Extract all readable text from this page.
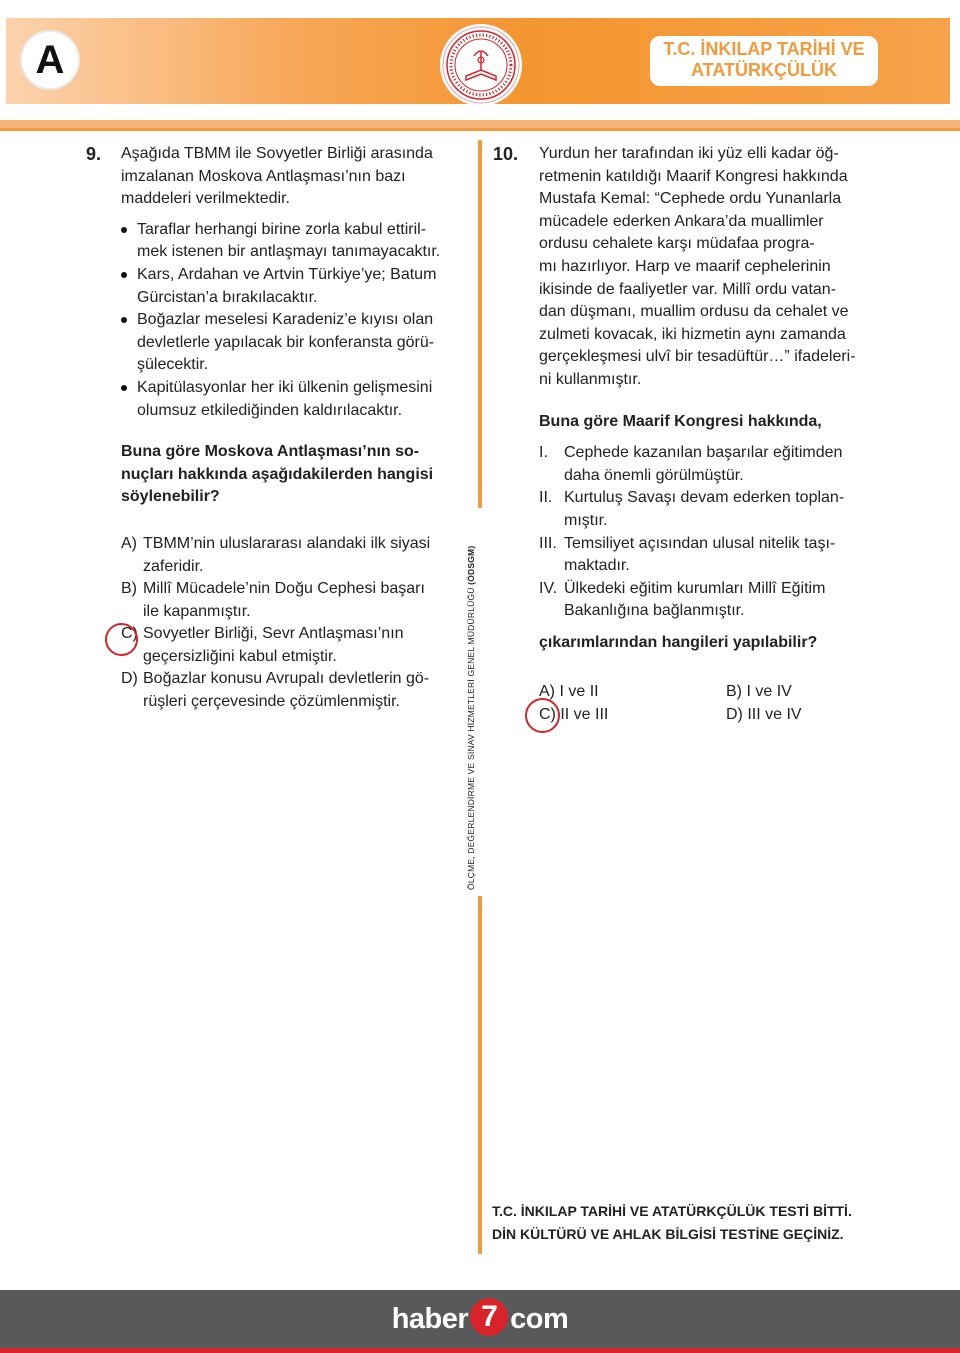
A	T.C. İNKILAP TARİHİ VE
ATATÜRKÇÜLÜK
ÖLÇME, DEĞERLENDİRME VE SINAV HİZMETLERİ GENEL MÜDÜRLÜĞÜ (ÖDSGM)
9. Aşağıda TBMM ile Sovyetler Birliği arasında
imzalanan Moskova Antlaşması’nın bazı
maddeleri verilmektedir.
Taraflar herhangi birine zorla kabul ettiril-
mek istenen bir antlaşmayı tanımayacaktır.
Kars, Ardahan ve Artvin Türkiye’ye; Batum
Gürcistan’a bırakılacaktır.
Boğazlar meselesi Karadeniz’e kıyısı olan
devletlerle yapılacak bir konferansta görü-
şülecektir.
Kapitülasyonlar her iki ülkenin gelişmesini
olumsuz etkilediğinden kaldırılacaktır.
Buna göre Moskova Antlaşması’nın so-
nuçları hakkında aşağıdakilerden hangisi
söylenebilir?
A) TBMM’nin uluslararası alandaki ilk siyasi
zaferidir.
B) Millî Mücadele’nin Doğu Cephesi başarı
ile kapanmıştır.
C) Sovyetler Birliği, Sevr Antlaşması’nın
geçersizliğini kabul etmiştir.
D) Boğazlar konusu Avrupalı devletlerin gö-
rüşleri çerçevesinde çözümlenmiştir.
10. Yurdun her tarafından iki yüz elli kadar öğ-
retmenin katıldığı Maarif Kongresi hakkında
Mustafa Kemal: “Cephede ordu Yunanlarla
mücadele ederken Ankara’da muallimler
ordusu cehalete karşı müdafaa progra-
mı hazırlıyor. Harp ve maarif cephelerinin
ikisinde de faaliyetler var. Millî ordu vatan-
dan düşmanı, muallim ordusu da cehalet ve
zulmeti kovacak, iki hizmetin aynı zamanda
gerçekleşmesi ulvî bir tesadüftür…” ifadeleri-
ni kullanmıştır.
Buna göre Maarif Kongresi hakkında,
I. Cephede kazanılan başarılar eğitimden
daha önemli görülmüştür.
II. Kurtuluş Savaşı devam ederken toplan-
mıştır.
III. Temsiliyet açısından ulusal nitelik taşı-
maktadır.
IV. Ülkedeki eğitim kurumları Millî Eğitim
Bakanlığına bağlanmıştır.
çıkarımlarından hangileri yapılabilir?
A) I ve II	B) I ve IV
C) II ve III	D) III ve IV
T.C. İNKILAP TARİHİ VE ATATÜRKÇÜLÜK TESTİ BİTTİ.
DİN KÜLTÜRÜ VE AHLAK BİLGİSİ TESTİNE GEÇİNİZ.
haber 7 com
